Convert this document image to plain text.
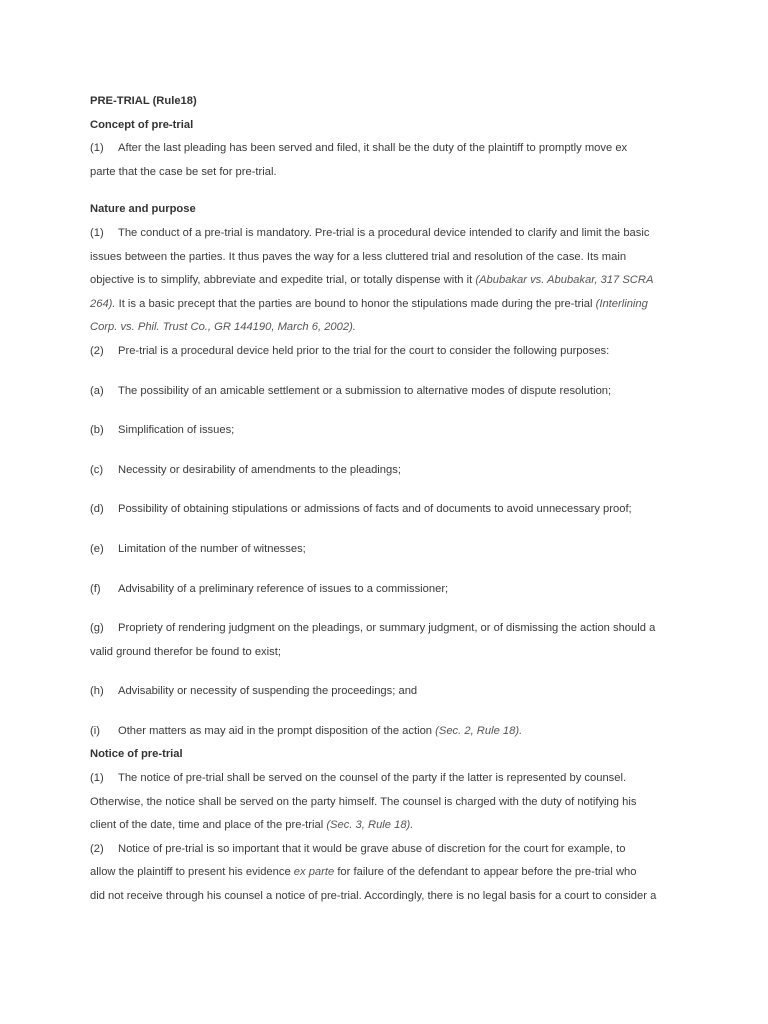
PRE-TRIAL (Rule18)
Concept of pre-trial
(1) After the last pleading has been served and filed, it shall be the duty of the plaintiff to promptly move ex
parte that the case be set for pre-trial.
Nature and purpose
(1) The conduct of a pre-trial is mandatory. Pre-trial is a procedural device intended to clarify and limit the basic
issues between the parties. It thus paves the way for a less cluttered trial and resolution of the case. Its main
objective is to simplify, abbreviate and expedite trial, or totally dispense with it (Abubakar vs. Abubakar, 317 SCRA
264). It is a basic precept that the parties are bound to honor the stipulations made during the pre-trial (Interlining
Corp. vs. Phil. Trust Co., GR 144190, March 6, 2002).
(2) Pre-trial is a procedural device held prior to the trial for the court to consider the following purposes:
(a) The possibility of an amicable settlement or a submission to alternative modes of dispute resolution;
(b) Simplification of issues;
(c) Necessity or desirability of amendments to the pleadings;
(d) Possibility of obtaining stipulations or admissions of facts and of documents to avoid unnecessary proof;
(e) Limitation of the number of witnesses;
(f) Advisability of a preliminary reference of issues to a commissioner;
(g) Propriety of rendering judgment on the pleadings, or summary judgment, or of dismissing the action should a
valid ground therefor be found to exist;
(h) Advisability or necessity of suspending the proceedings; and
(i) Other matters as may aid in the prompt disposition of the action (Sec. 2, Rule 18).
Notice of pre-trial
(1) The notice of pre-trial shall be served on the counsel of the party if the latter is represented by counsel.
Otherwise, the notice shall be served on the party himself. The counsel is charged with the duty of notifying his
client of the date, time and place of the pre-trial (Sec. 3, Rule 18).
(2) Notice of pre-trial is so important that it would be grave abuse of discretion for the court for example, to
allow the plaintiff to present his evidence ex parte for failure of the defendant to appear before the pre-trial who
did not receive through his counsel a notice of pre-trial. Accordingly, there is no legal basis for a court to consider a
